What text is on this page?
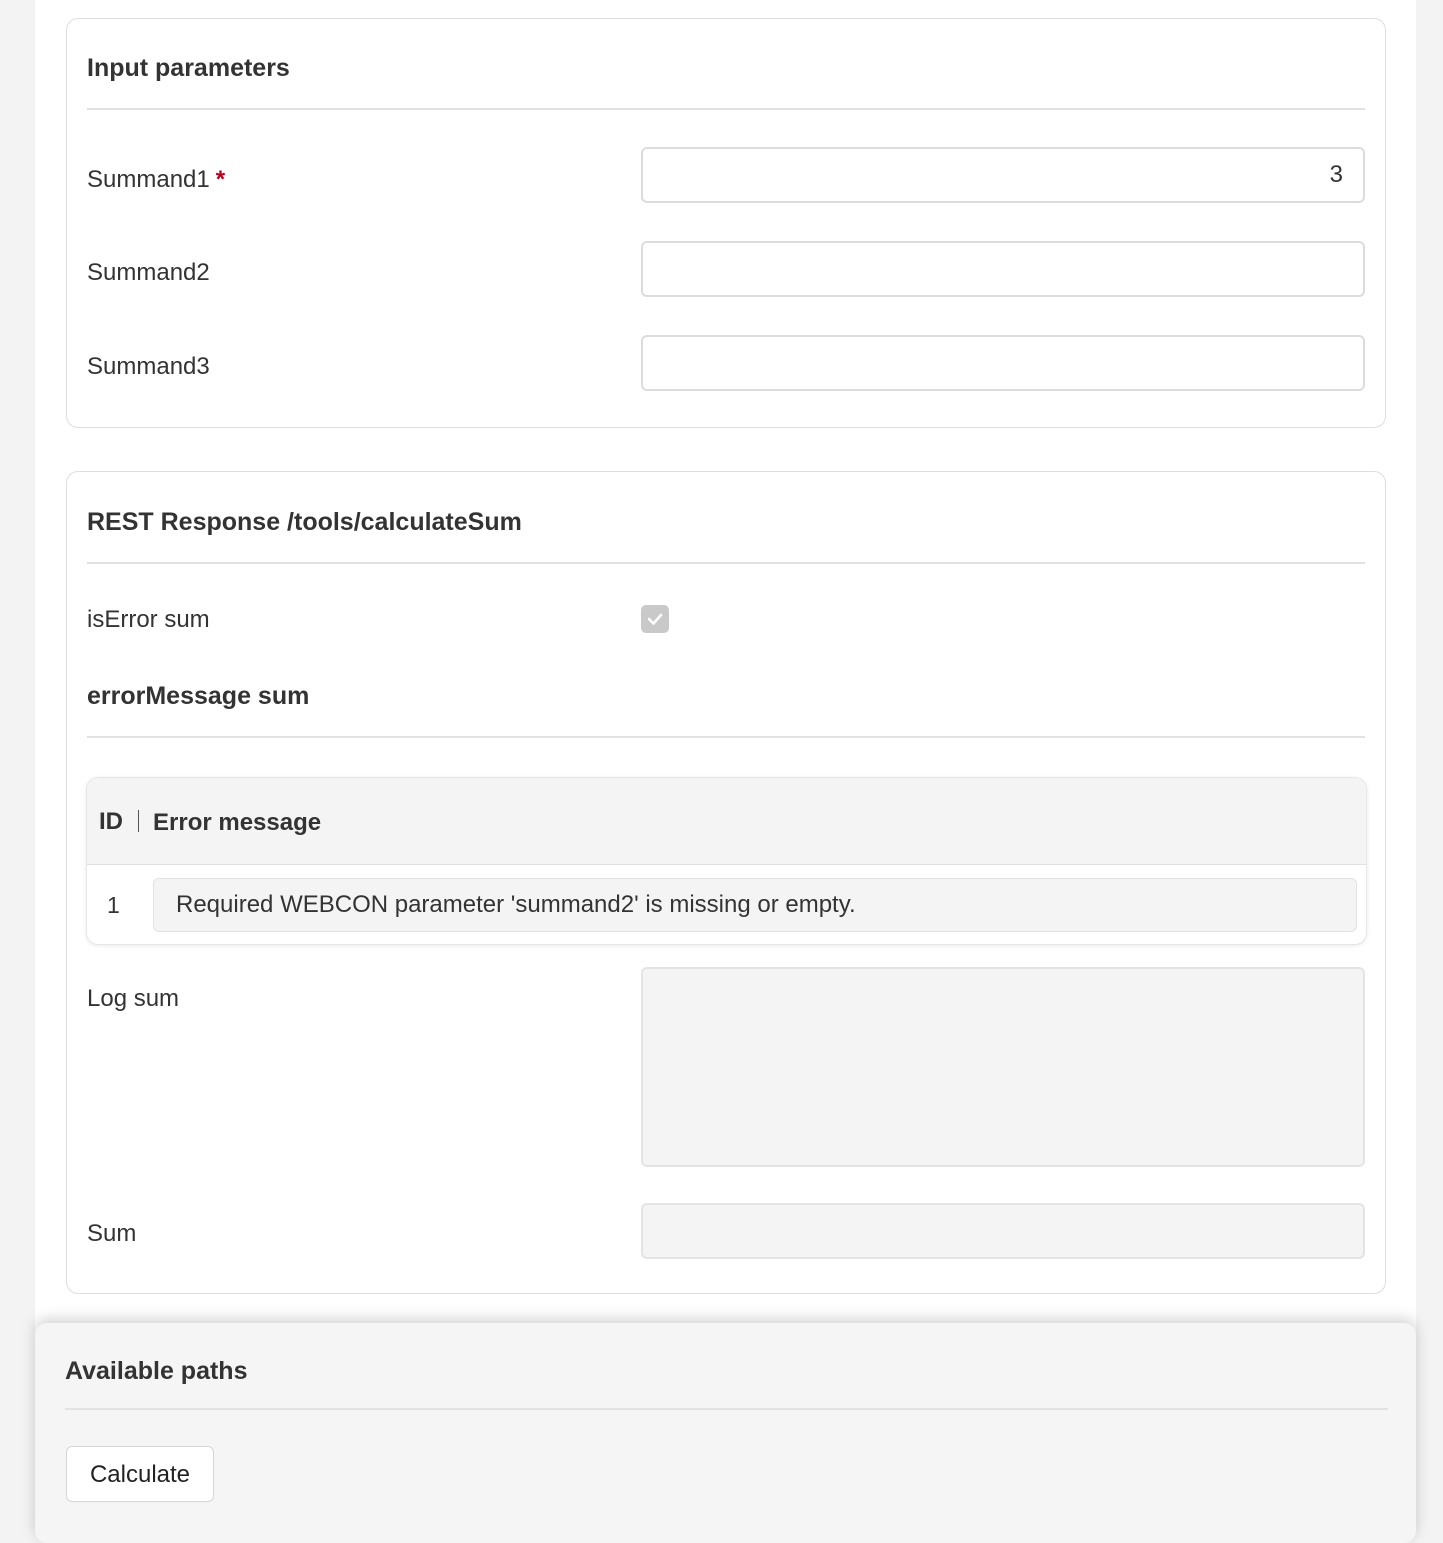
Input parameters
Summand1 *	3
Summand2
Summand3
REST Response /tools/calculateSum
isError sum
errorMessage sum
ID Error message
1	Required WEBCON parameter 'summand2' is missing or empty.
Log sum
Sum
Available paths
Calculate
